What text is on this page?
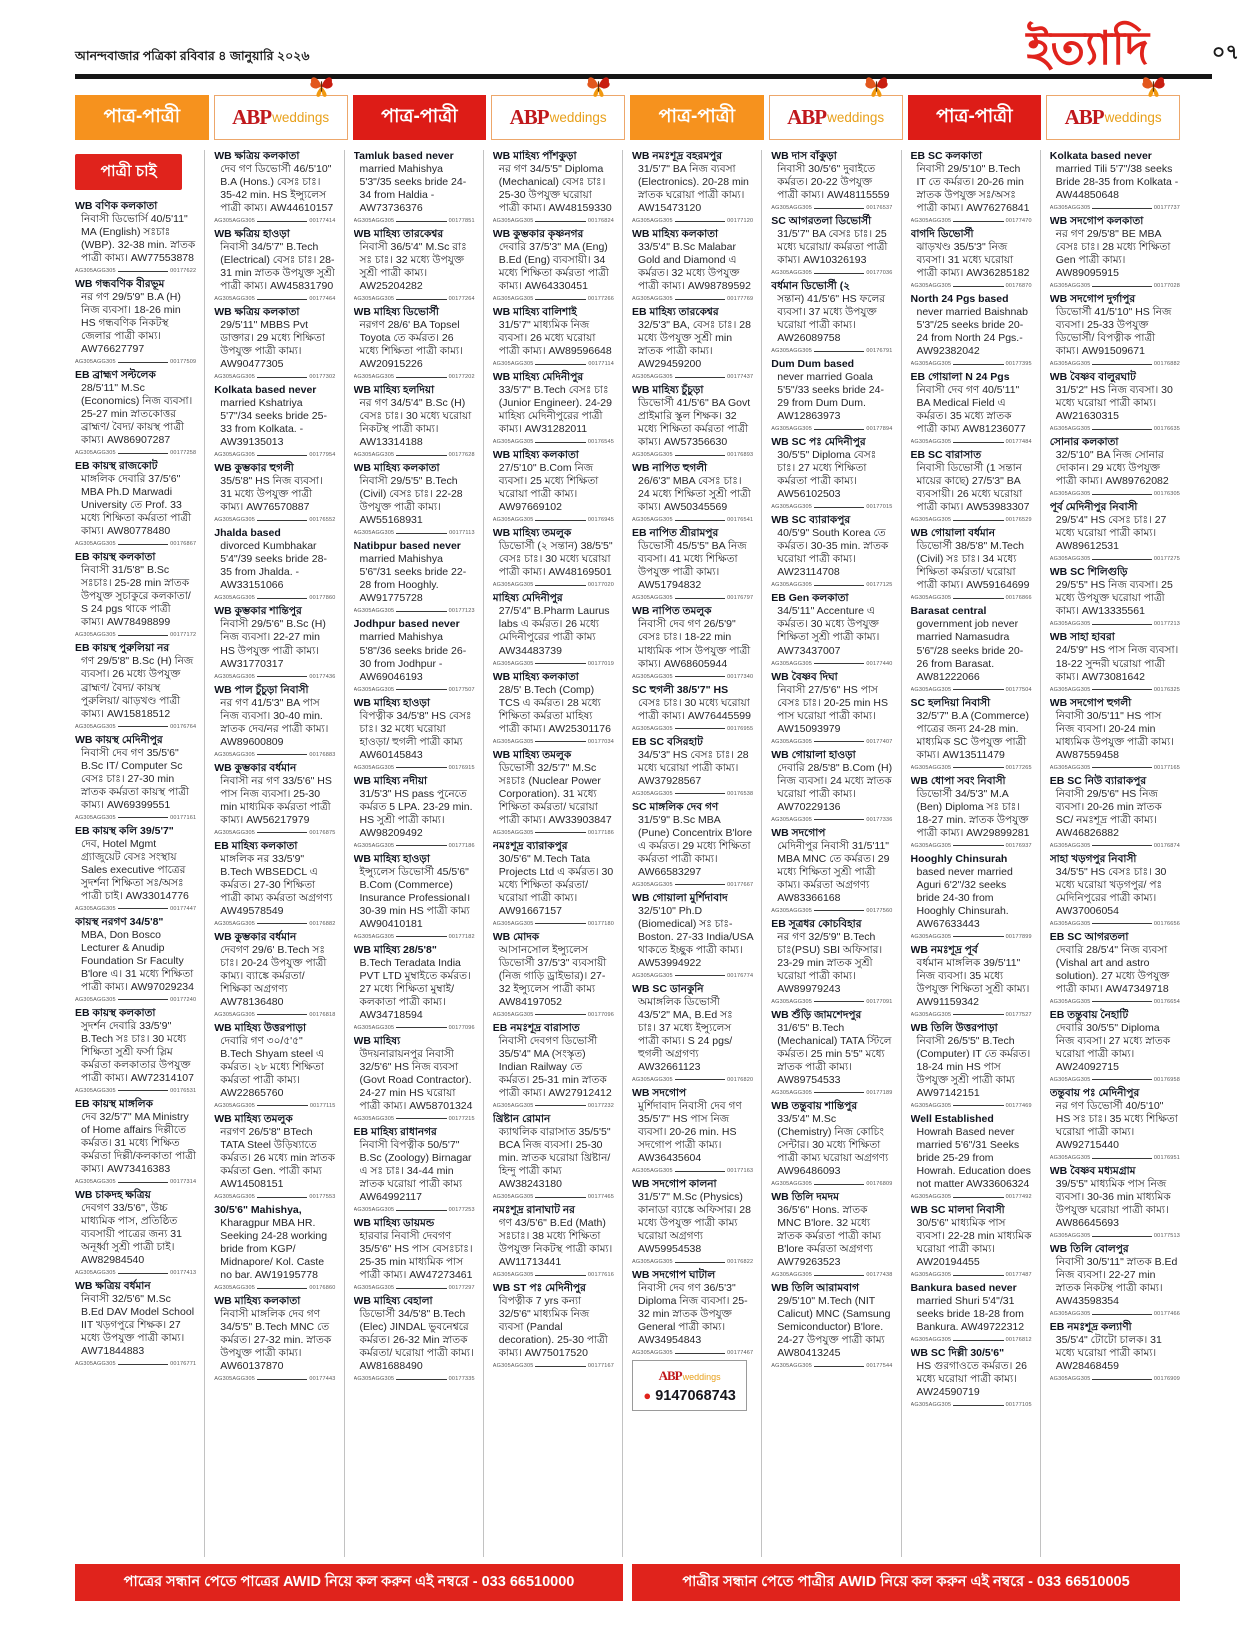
আনন্দবাজার পত্রিকা রবিবার ৪ জানুয়ারি ২০২৬	ইত্যাদি	০৭
পাত্র-পাত্রী	ABP weddings	পাত্র-পাত্রী	ABP weddings	পাত্র-পাত্রী	ABP weddings	পাত্র-পাত্রী	ABP weddings
পাত্রী চাই
WB বণিক কলকাতা
নিবাসী ডিভোর্সি 40/5'11" MA (English) সঃচাঃ (WBP). 32-38 min. স্নাতক পাত্রী কাম্য। AW77553878
AG305AGG305	00177622
WB গন্ধবণিক বীরভূম
নর গণ 29/5'9" B.A (H) নিজ ব্যবসা। 18-26 min HS গন্ধবণিক নিকটস্থ জেলার পাত্রী কাম্য। AW76627797
AG305AGG305	00177509
EB ব্রাহ্মণ সল্টলেক
28/5'11" M.Sc (Economics) নিজ ব্যবসা। 25-27 min স্নাতকোত্তর ব্রাহ্মণ/ বৈদ্য/ কায়স্থ পাত্রী কাম্য। AW86907287
AG305AGG305	00177258
EB কায়স্থ রাজকোট
মাঙ্গলিক দেবারি 37/5'6" MBA Ph.D Marwadi University তে Prof. 33 মধ্যে শিক্ষিতা কর্মরতা পাত্রী কাম্য। AW80778480
AG305AGG305	00176867
EB কায়স্থ কলকাতা
নিবাসী 31/5'8" B.Sc সঃচাঃ। 25-28 min স্নাতক উপযুক্ত সুচাকুরে কলকাতা/ S 24 pgs থাকে পাত্রী কাম্য। AW78498899
AG305AGG305	00177172
EB কায়স্থ পুরুলিয়া নর
গণ 29/5'8" B.Sc (H) নিজ ব্যবসা। 26 মধ্যে উপযুক্ত ব্রাহ্মণ/ বৈদ্য/ কায়স্থ পুরুলিয়া/ ঝাড়খণ্ড পাত্রী কাম্য। AW15818512
AG305AGG305	00176764
WB কায়স্থ মেদিনীপুর
নিবাসী দেব গণ 35/5'6" B.Sc IT/ Computer Sc বেসঃ চাঃ। 27-30 min স্নাতক কর্মরতা কায়স্থ পাত্রী কাম্য। AW69399551
AG305AGG305	00177161
EB কায়স্থ কলি 39/5'7"
দেব, Hotel Mgmt গ্র্যাজুয়েট বেসঃ সংস্থায় Sales executive পাত্রের সুদর্শনা শিক্ষিতা সঃ/অসঃ পাত্রী চাই। AW33014776
AG305AGG305	00177447
কায়স্থ নরগণ 34/5'8"
MBA, Don Bosco Lecturer & Anudip Foundation Sr Faculty B'lore এ। 31 মধ্যে শিক্ষিতা পাত্রী কাম্য। AW97029234
AG305AGG305	00177240
EB কায়স্থ কলকাতা
সুদর্শন দেবারি 33/5'9'' B.Tech সঃ চাঃ। 30 মধ্যে শিক্ষিতা সুশ্রী ফর্সা স্লিম কর্মরতা কলকাতার উপযুক্ত পাত্রী কাম্য। AW72314107
AG305AGG305	00176531
EB কায়স্থ মাঙ্গলিক
দেব 32/5'7" MA Ministry of Home affairs দিল্লীতে কর্মরত। 31 মধ্যে শিক্ষিত কর্মরতা দিল্লী/কলকাতা পাত্রী কাম্য। AW73416383
AG305AGG305	00177314
WB চাকদহ ক্ষত্রিয়
দেবগণ 33/5'6'', উচ্চ মাধ্যমিক পাস, প্রতিষ্ঠিত ব্যবসায়ী পাত্রের জন্য 31 অনূর্ধ্বা সুশ্রী পাত্রী চাই। AW82984540
AG305AGG305	00177413
WB ক্ষত্রিয় বর্ধমান
নিবাসী 32/5'6" M.Sc B.Ed DAV Model School IIT খড়গপুরে শিক্ষক। 27 মধ্যে উপযুক্ত পাত্রী কাম্য। AW71844883
AG305AGG305	00176771
WB ক্ষত্রিয় কলকাতা
দেব গণ ডিভোর্সী 46/5'10" B.A (Hons.) বেসঃ চাঃ। 35-42 min. HS ইন্স্যুলেস পাত্রী কাম্য। AW44610157
AG305AGG305	00177414
WB ক্ষত্রিয় হাওড়া
নিবাসী 34/5'7" B.Tech (Electrical) বেসঃ চাঃ। 28-31 min স্নাতক উপযুক্ত সুশ্রী পাত্রী কাম্য। AW45831790
AG305AGG305	00177464
WB ক্ষত্রিয় কলকাতা
29/5'11" MBBS Pvt ডাক্তার। 29 মধ্যে শিক্ষিতা উপযুক্ত পাত্রী কাম্য। AW90477305
AG305AGG305	00177302
Kolkata based never
married Kshatriya 5'7"/34 seeks bride 25-33 from Kolkata. - AW39135013
AG305AGG305	00177954
WB কুম্ভকার হুগলী
35/5'8" HS নিজ ব্যবসা। 31 মধ্যে উপযুক্ত পাত্রী কাম্য। AW76570887
AG305AGG305	00176552
Jhalda based
divorced Kumbhakar 5'4"/39 seeks bride 28-35 from Jhalda. - AW33151066
AG305AGG305	00177860
WB কুম্ভকার শান্তিপুর
নিবাসী 29/5'6" B.Sc (H) নিজ ব্যবসা। 22-27 min HS উপযুক্ত পাত্রী কাম্য। AW31770317
AG305AGG305	00177436
WB পাল চুঁচুড়া নিবাসী
নর গণ 41/5'3" BA পাস নিজ ব্যবসা। 30-40 min. স্নাতক দেব/নর পাত্রী কাম্য। AW89600809
AG305AGG305	00176883
WB কুম্ভকার বর্ধমান
নিবাসী নর গণ 33/5'6" HS পাস নিজ ব্যবসা। 25-30 min মাধ্যমিক কর্মরতা পাত্রী কাম্য। AW56217979
AG305AGG305	00176875
EB মাহিষ্য কলকাতা
মাঙ্গলিক নর 33/5'9" B.Tech WBSEDCL এ কর্মরত। 27-30 শিক্ষিতা পাত্রী কাম্য কর্মরতা অগ্রগণ্য AW49578549
AG305AGG305	00176882
WB কুম্ভকার বর্ধমান
দেবগণ 29/6' B.Tech সঃ চাঃ। 20-24 উপযুক্ত পাত্রী কাম্য। ব্যাঙ্কে কর্মরতা/ শিক্ষিকা অগ্রগণ্য AW78136480
AG305AGG305	00176818
WB মাহিষ্য উত্তরপাড়া
দেবারি গণ ৩০/৫'৫" B.Tech Shyam steel এ কর্মরত। ২৮ মধ্যে শিক্ষিতা কর্মরতা পাত্রী কাম্য। AW22865760
AG305AGG305	00177115
WB মাহিষ্য তমলুক
নরগণ 26/5'8" BTech TATA Steel উড়িষ্যাতে কর্মরত। 26 মধ্যে min স্নাতক কর্মরতা Gen. পাত্রী কাম্য AW14508151
AG305AGG305	00177553
30/5'6" Mahishya,
Kharagpur MBA HR. Seeking 24-28 working bride from KGP/ Midnapore/ Kol. Caste no bar. AW19195778
AG305AGG305	00176860
WB মাহিষ্য কলকাতা
নিবাসী মাঙ্গলিক দেব গণ 34/5'5" B.Tech MNC তে কর্মরত। 27-32 min. স্নাতক উপযুক্ত পাত্রী কাম্য। AW60137870
AG305AGG305	00177443
Tamluk based never
married Mahishya 5'3"/35 seeks bride 24-34 from Haldia - AW73736376
AG305AGG305	00177851
WB মাহিষ্য তারকেশ্বর
নিবাসী 36/5'4" M.Sc রাঃ সঃ চাঃ। 32 মধ্যে উপযুক্ত সুশ্রী পাত্রী কাম্য। AW25204282
AG305AGG305	00177264
WB মাহিষ্য ডিভোর্সী
নরগণ 28/6' BA Topsel Toyota তে কর্মরত। 26 মধ্যে শিক্ষিতা পাত্রী কাম্য। AW20915226
AG305AGG305	00177202
WB মাহিষ্য হলদিয়া
নর গণ 34/5'4" B.Sc (H) বেসঃ চাঃ। 30 মধ্যে ঘরোয়া নিকটস্থ পাত্রী কাম্য। AW13314188
AG305AGG305	00177628
WB মাহিষ্য কলকাতা
নিবাসী 29/5'5" B.Tech (Civil) বেসঃ চাঃ। 22-28 উপযুক্ত পাত্রী কাম্য। AW55168931
AG305AGG305	00177113
Natibpur based never
married Mahishya 5'6"/31 seeks bride 22-28 from Hooghly. AW91775728
AG305AGG305	00177123
Jodhpur based never
married Mahishya 5'8"/36 seeks bride 26-30 from Jodhpur - AW69046193
AG305AGG305	00177507
WB মাহিষ্য হাওড়া
বিপত্নীক 34/5'8" HS বেসঃ চাঃ। 32 মধ্যে ঘরোয়া হাওড়া/ হুগলী পাত্রী কাম্য AW60145843
AG305AGG305	00176915
WB মাহিষ্য নদীয়া
31/5'3" HS pass পুনেতে কর্মরত 5 LPA. 23-29 min. HS সুশ্রী পাত্রী কাম্য। AW98209492
AG305AGG305	00177186
WB মাহিষ্য হাওড়া
ইন্স্যুলেস ডিভোর্সী 45/5'6" B.Com (Commerce) Insurance Professional। 30-39 min HS পাত্রী কাম্য AW90410181
AG305AGG305	00177182
WB মাহিষ্য 28/5'8"
B.Tech Teradata India PVT LTD মুম্বাইতে কর্মরত। 27 মধ্যে শিক্ষিতা মুম্বাই/ কলকাতা পাত্রী কাম্য। AW34718594
AG305AGG305	00177096
WB মাহিষ্য
উদয়নারায়নপুর নিবাসী 32/5'6" HS নিজ ব্যবসা (Govt Road Contractor). 24-27 min HS ঘরোয়া পাত্রী কাম্য। AW58701324
AG305AGG305	00177215
EB মাহিষ্য রাধানগর
নিবাসী বিপত্নীক 50/5'7" B.Sc (Zoology) Birnagar এ সঃ চাঃ। 34-44 min স্নাতক ঘরোয়া পাত্রী কাম্য AW64992117
AG305AGG305	00177253
WB মাহিষ্য ডায়মন্ড
হারবার নিবাসী দেবগণ 35/5'6" HS পাস বেসঃচাঃ। 25-35 min মাধ্যমিক পাস পাত্রী কাম্য। AW47273461
AG305AGG305	00177297
WB মাহিষ্য বেহালা
ডিভোর্সী 34/5'8" B.Tech (Elec) JINDAL ভুবনেশ্বরে কর্মরত। 26-32 Min স্নাতক কর্মরতা/ ঘরোয়া পাত্রী কাম্য। AW81688490
AG305AGG305	00177335
WB মাহিষ্য পাঁশকুড়া
নর গণ 34/5'5" Diploma (Mechanical) বেসঃ চাঃ। 25-30 উপযুক্ত ঘরোয়া পাত্রী কাম্য। AW48159330
AG305AGG305	00176824
WB কুম্ভকার কৃষ্ণনগর
দেবারি 37/5'3" MA (Eng) B.Ed (Eng) ব্যবসায়ী। 34 মধ্যে শিক্ষিতা কর্মরতা পাত্রী কাম্য। AW64330451
AG305AGG305	00177266
WB মাহিষ্য বালিশাই
31/5'7" মাধ্যমিক নিজ ব্যবসা। 26 মধ্যে ঘরোয়া পাত্রী কাম্য। AW89596648
AG305AGG305	00177114
WB মাহিষ্য মেদিনীপুর
33/5'7" B.Tech বেসঃ চাঃ (Junior Engineer). 24-29 মাহিষ্য মেদিনীপুরের পাত্রী কাম্য। AW31282011
AG305AGG305	00176545
WB মাহিষ্য কলকাতা
27/5'10" B.Com নিজ ব্যবসা। 25 মধ্যে শিক্ষিতা ঘরোয়া পাত্রী কাম্য। AW97669102
AG305AGG305	00176945
WB মাহিষ্য তমলুক
ডিভোর্সী (২ সন্তান) 38/5'5" বেসঃ চাঃ। 30 মধ্যে ঘরোয়া পাত্রী কাম্য। AW48169501
AG305AGG305	00177020
মাহিষ্য মেদিনীপুর
27/5'4" B.Pharm Laurus labs এ কর্মরত। 26 মধ্যে মেদিনীপুরের পাত্রী কাম্য AW34483739
AG305AGG305	00177019
WB মাহিষ্য কলকাতা
28/5' B.Tech (Comp) TCS এ কর্মরত। 28 মধ্যে শিক্ষিতা কর্মরতা মাহিষ্য পাত্রী কাম্য। AW25301176
AG305AGG305	00177034
WB মাহিষ্য তমলুক
ডিভোর্সী 32/5'7" M.Sc সঃচাঃ (Nuclear Power Corporation). 31 মধ্যে শিক্ষিতা কর্মরতা/ ঘরোয়া পাত্রী কাম্য। AW33903847
AG305AGG305	00177186
নমঃশূদ্র ব্যারাকপুর
30/5'6" M.Tech Tata Projects Ltd এ কর্মরত। 30 মধ্যে শিক্ষিতা কর্মরতা/ঘরোয়া পাত্রী কাম্য। AW91667157
AG305AGG305	00177180
WB মোদক
আসানসোল ইন্স্যুলেস ডিভোর্সী 37/5'3" ব্যবসায়ী (নিজ গাড়ি ড্রাইভার)। 27-32 ইন্স্যুলেস পাত্রী কাম্য AW84197052
AG305AGG305	00177096
EB নমঃশূদ্র বারাসাত
নিবাসী দেবগণ ডিভোর্সী 35/5'4" MA (সংস্কৃত) Indian Railway তে কর্মরত। 25-31 min স্নাতক পাত্রী কাম্য। AW27912412
AG305AGG305	00177232
খ্রিষ্টান রোমান
ক্যাথলিক বারাসাত 35/5'5" BCA নিজ ব্যবসা। 25-30 min. স্নাতক ঘরোয়া খ্রিষ্টান/হিন্দু পাত্রী কাম্য AW38243180
AG305AGG305	00177465
নমঃশূদ্র রানাঘাট নর
গণ 43/5'6" B.Ed (Math) সঃচাঃ। 38 মধ্যে শিক্ষিতা উপযুক্ত নিকটস্থ পাত্রী কাম্য। AW11713441
AG305AGG305	00177616
WB ST পঃ মেদিনীপুর
বিপত্নীক 7 yrs কন্যা 32/5'6" মাধ্যমিক নিজ ব্যবসা (Pandal decoration). 25-30 পাত্রী কাম্য। AW75017520
AG305AGG305	00177167
WB নমঃশূদ্র বহরমপুর
31/5'7" BA নিজ ব্যবসা (Electronics). 20-28 min স্নাতক ঘরোয়া পাত্রী কাম্য। AW15473120
AG305AGG305	00177120
WB মাহিষ্য কলকাতা
33/5'4" B.Sc Malabar Gold and Diamond এ কর্মরত। 32 মধ্যে উপযুক্ত পাত্রী কাম্য। AW98789592
AG305AGG305	00177769
EB মাহিষ্য তারকেশ্বর
32/5'3" BA, বেসঃ চাঃ। 28 মধ্যে উপযুক্ত সুশ্রী min স্নাতক পাত্রী কাম্য। AW29459200
AG305AGG305	00177437
WB মাহিষ্য চুঁচুড়া
ডিভোর্সী 41/5'6" BA Govt প্রাইমারি স্কুল শিক্ষক। 32 মধ্যে শিক্ষিতা কর্মরতা পাত্রী কাম্য। AW57356630
AG305AGG305	00176893
WB নাপিত হুগলী
26/6'3" MBA বেসঃ চাঃ। 24 মধ্যে শিক্ষিতা সুশ্রী পাত্রী কাম্য। AW50345569
AG305AGG305	00176541
EB নাপিত শ্রীরামপুর
ডিভোর্সী 45/5'5" BA নিজ ব্যবসা। 41 মধ্যে শিক্ষিতা উপযুক্ত পাত্রী কাম্য। AW51794832
AG305AGG305	00176797
WB নাপিত তমলুক
নিবাসী দেব গণ 26/5'9" বেসঃ চাঃ। 18-22 min মাধ্যমিক পাস উপযুক্ত পাত্রী কাম্য। AW68605944
AG305AGG305	00177340
SC হুগলী 38/5'7" HS
বেসঃ চাঃ। 30 মধ্যে ঘরোয়া পাত্রী কাম্য। AW76445599
AG305AGG305	00176955
EB SC বসিরহাট
34/5'3" HS বেসঃ চাঃ। 28 মধ্যে ঘরোয়া পাত্রী কাম্য। AW37928567
AG305AGG305	00176538
SC মাঙ্গলিক দেব গণ
31/5'9" B.Sc MBA (Pune) Concentrix B'lore এ কর্মরত। 29 মধ্যে শিক্ষিতা কর্মরতা পাত্রী কাম্য। AW66583297
AG305AGG305	00177667
WB গোয়ালা মুর্শিদাবাদ
32/5'10" Ph.D (Biomedical) সঃ চাঃ- Boston. 27-33 India/USA থাকতে ইচ্ছুক পাত্রী কাম্য। AW53994922
AG305AGG305	00176774
WB SC ডানকুনি
অমাঙ্গলিক ডিভোর্সী 43/5'2" MA, B.Ed সঃ চাঃ। 37 মধ্যে ইন্স্যুলেস পাত্রী কাম্য। S 24 pgs/হুগলী অগ্রগণ্য AW32661123
AG305AGG305	00176820
WB সদগোপ
মুর্শিদাবাদ নিবাসী দেব গণ 35/5'7" HS পাস নিজ ব্যবসা। 20-26 min. HS সদগোপ পাত্রী কাম্য। AW36435604
AG305AGG305	00177163
WB সদগোপ কালনা
31/5'7" M.Sc (Physics) কানাডা ব্যাঙ্কে অফিসার। 28 মধ্যে উপযুক্ত পাত্রী কাম্য ঘরোয়া অগ্রগণ্য AW59954538
AG305AGG305	00176822
WB সদগোপ ঘাটাল
নিবাসী দেব গণ 36/5'3" Diploma নিজ ব্যবসা। 25-32 min স্নাতক উপযুক্ত General পাত্রী কাম্য। AW34954843
AG305AGG305	00177467
ABPweddings
● 9147068743
WB দাস বাঁকুড়া
নিবাসী 30/5'6" দুবাইতে কর্মরত। 20-22 উপযুক্ত পাত্রী কাম্য। AW48115559
AG305AGG305	00176537
SC আগরতলা ডিভোর্সী
31/5'7" BA বেসঃ চাঃ। 25 মধ্যে ঘরোয়া/ কর্মরতা পাত্রী কাম্য। AW10326193
AG305AGG305	00177036
বর্ধমান ডিভোর্সী (২
সন্তান) 41/5'6" HS ফলের ব্যবসা। 37 মধ্যে উপযুক্ত ঘরোয়া পাত্রী কাম্য। AW26089758
AG305AGG305	00176791
Dum Dum based
never married Goala 5'5"/33 seeks bride 24-29 from Dum Dum. AW12863973
AG305AGG305	00177894
WB SC পঃ মেদিনীপুর
30/5'5" Diploma বেসঃ চাঃ। 27 মধ্যে শিক্ষিতা কর্মরতা পাত্রী কাম্য। AW56102503
AG305AGG305	00177015
WB SC ব্যারাকপুর
40/5'9" South Korea তে কর্মরত। 30-35 min. স্নাতক ঘরোয়া পাত্রী কাম্য। AW23114708
AG305AGG305	00177125
EB Gen কলকাতা
34/5'11" Accenture এ কর্মরত। 30 মধ্যে উপযুক্ত শিক্ষিতা সুশ্রী পাত্রী কাম্য। AW73437007
AG305AGG305	00177440
WB বৈষ্ণব দিঘা
নিবাসী 27/5'6" HS পাস বেসঃ চাঃ। 20-25 min HS পাস ঘরোয়া পাত্রী কাম্য। AW15093979
AG305AGG305	00177407
WB গোয়ালা হাওড়া
দেবারি 28/5'8" B.Com (H) নিজ ব্যবসা। 24 মধ্যে স্নাতক ঘরোয়া পাত্রী কাম্য। AW70229136
AG305AGG305	00177336
WB সদগোপ
মেদিনীপুর নিবাসী 31/5'11" MBA MNC তে কর্মরত। 29 মধ্যে শিক্ষিতা সুশ্রী পাত্রী কাম্য। কর্মরতা অগ্রগণ্য AW83366168
AG305AGG305	00177560
EB সূত্রধর কোচবিহার
নর গণ 32/5'9" B.Tech চাঃ(PSU) SBI অফিসার। 23-29 min স্নাতক সুশ্রী ঘরোয়া পাত্রী কাম্য। AW89979243
AG305AGG305	00177091
WB শুঁড়ি জামশেদপুর
31/6'5" B.Tech (Mechanical) TATA স্টিলে কর্মরত। 25 min 5'5" মধ্যে স্নাতক পাত্রী কাম্য। AW89754533
AG305AGG305	00177189
WB তন্তুবায় শান্তিপুর
33/5'4" M.Sc (Chemistry) নিজ কোচিং সেন্টার। 30 মধ্যে শিক্ষিতা পাত্রী কাম্য ঘরোয়া অগ্রগণ্য AW96486093
AG305AGG305	00176809
WB তিলি দমদম
36/5'6" Hons. স্নাতক MNC B'lore. 32 মধ্যে স্নাতক কর্মরতা পাত্রী কাম্য B'lore কর্মরতা অগ্রগণ্য AW79263523
AG305AGG305	00177438
WB তিলি আরামবাগ
29/5'10" M.Tech (NIT Calicut) MNC (Samsung Semiconductor) B'lore. 24-27 উপযুক্ত পাত্রী কাম্য AW80413245
AG305AGG305	00177544
EB SC কলকাতা
নিবাসী 29/5'10" B.Tech IT তে কর্মরত। 20-26 min স্নাতক উপযুক্ত সঃ/অসঃ পাত্রী কাম্য। AW76276841
AG305AGG305	00177470
বাগদি ডিভোর্সী
ঝাড়খণ্ড 35/5'3" নিজ ব্যবসা। 31 মধ্যে ঘরোয়া পাত্রী কাম্য। AW36285182
AG305AGG305	00176870
North 24 Pgs based
never married Baishnab 5'3"/25 seeks bride 20-24 from North 24 Pgs.- AW92382042
AG305AGG305	00177395
EB গোয়ালা N 24 Pgs
নিবাসী দেব গণ 40/5'11" BA Medical Field এ কর্মরত। 35 মধ্যে স্নাতক পাত্রী কাম্য AW81236077
AG305AGG305	00177484
EB SC বারাসাত
নিবাসী ডিভোর্সী (1 সন্তান মায়ের কাছে) 27/5'3" BA ব্যবসায়ী। 26 মধ্যে ঘরোয়া পাত্রী কাম্য। AW53983307
AG305AGG305	00176529
WB গোয়ালা বর্ধমান
ডিভোর্সী 38/5'8" M.Tech (Civil) সঃ চাঃ। 34 মধ্যে শিক্ষিতা কর্মরতা/ ঘরোয়া পাত্রী কাম্য। AW59164699
AG305AGG305	00176866
Barasat central
government job never married Namasudra 5'6"/28 seeks bride 20-26 from Barasat. AW81222066
AG305AGG305	00177504
SC হলদিয়া নিবাসী
32/5'7" B.A (Commerce) পাত্রের জন্য 24-28 min. মাধ্যমিক SC উপযুক্ত পাত্রী কাম্য। AW13511479
AG305AGG305	00177265
WB ধোপা সবং নিবাসী
ডিভোর্সী 34/5'3" M.A (Ben) Diploma সঃ চাঃ। 18-27 min. স্নাতক উপযুক্ত পাত্রী কাম্য। AW29899281
AG305AGG305	00176937
Hooghly Chinsurah
based never married Aguri 6'2"/32 seeks bride 24-30 from Hooghly Chinsurah. AW67633443
AG305AGG305	00177899
WB নমঃশূদ্র পূর্ব
বর্ধমান মাঙ্গলিক 39/5'11" নিজ ব্যবসা। 35 মধ্যে উপযুক্ত শিক্ষিতা সুশ্রী কাম্য। AW91159342
AG305AGG305	00177527
WB তিলি উত্তরপাড়া
নিবাসী 26/5'5" B.Tech (Computer) IT তে কর্মরত। 18-24 min HS পাস উপযুক্ত সুশ্রী পাত্রী কাম্য AW97142151
AG305AGG305	00177469
Well Established
Howrah Based never married 5'6"/31 Seeks bride 25-29 from Howrah. Education does not matter AW33606324
AG305AGG305	00177492
WB SC মালদা নিবাসী
30/5'6" মাধ্যমিক পাস ব্যবসা। 22-28 min মাধ্যমিক ঘরোয়া পাত্রী কাম্য। AW20194455
AG305AGG305	00177487
Bankura based never
married Shuri 5'4"/31 seeks bride 18-28 from Bankura. AW49722312
AG305AGG305	00176812
WB SC দিল্লী 30/5'6"
HS গুরগাওতে কর্মরত। 26 মধ্যে ঘরোয়া পাত্রী কাম্য। AW24590719
AG305AGG305	00177105
Kolkata based never
married Tili 5'7"/38 seeks Bride 28-35 from Kolkata - AW44850648
AG305AGG305	00177737
WB সদগোপ কলকাতা
নর গণ 29/5'8" BE MBA বেসঃ চাঃ। 28 মধ্যে শিক্ষিতা Gen পাত্রী কাম্য। AW89095915
AG305AGG305	00177028
WB সদগোপ দুর্গাপুর
ডিভোর্সী 41/5'10" HS নিজ ব্যবসা। 25-33 উপযুক্ত ডিভোর্সী/ বিপত্নীক পাত্রী কাম্য। AW91509671
AG305AGG305	00176882
WB বৈষ্ণব বালুরঘাট
31/5'2" HS নিজ ব্যবসা। 30 মধ্যে ঘরোয়া পাত্রী কাম্য। AW21630315
AG305AGG305	00176635
সোনার কলকাতা
32/5'10" BA নিজ সোনার দোকান। 29 মধ্যে উপযুক্ত পাত্রী কাম্য। AW89762082
AG305AGG305	00176305
পূর্ব মেদিনীপুর নিবাসী
29/5'4" HS বেসঃ চাঃ। 27 মধ্যে ঘরোয়া পাত্রী কাম্য। AW89612531
AG305AGG305	00177275
WB SC শিলিগুড়ি
29/5'5" HS নিজ ব্যবসা। 25 মধ্যে উপযুক্ত ঘরোয়া পাত্রী কাম্য। AW13335561
AG305AGG305	00177213
WB সাহা হাবরা
24/5'9" HS পাস নিজ ব্যবসা। 18-22 সুন্দরী ঘরোয়া পাত্রী কাম্য। AW73081642
AG305AGG305	00176325
WB সদগোপ হুগলী
নিবাসী 30/5'11" HS পাস নিজ ব্যবসা। 20-24 min মাধ্যমিক উপযুক্ত পাত্রী কাম্য। AW87559458
AG305AGG305	00177165
EB SC নিউ ব্যারাকপুর
নিবাসী 29/5'6" HS নিজ ব্যবসা। 20-26 min স্নাতক SC/ নমঃশূদ্র পাত্রী কাম্য। AW46826882
AG305AGG305	00176874
সাহা খড়গপুর নিবাসী
34/5'5" HS বেসঃ চাঃ। 30 মধ্যে ঘরোয়া খড়গপুর/ পঃ মেদিনিপুরের পাত্রী কাম্য। AW37006054
AG305AGG305	00176656
EB SC আগরতলা
দেবারি 28/5'4" নিজ ব্যবসা (Vishal art and astro solution). 27 মধ্যে উপযুক্ত পাত্রী কাম্য। AW47349718
AG305AGG305	00176654
EB তন্তুবায় নৈহাটি
দেবারি 30/5'5" Diploma নিজ ব্যবসা। 27 মধ্যে স্নাতক ঘরোয়া পাত্রী কাম্য। AW24092715
AG305AGG305	00176958
তন্তুবায় পঃ মেদিনীপুর
নর গণ ডিভোর্সী 40/5'10" HS সঃ চাঃ। 35 মধ্যে শিক্ষিতা ঘরোয়া পাত্রী কাম্য। AW92715440
AG305AGG305	00176951
WB বৈষ্ণব মধ্যমগ্রাম
39/5'5" মাধ্যমিক পাস নিজ ব্যবসা। 30-36 min মাধ্যমিক উপযুক্ত ঘরোয়া পাত্রী কাম্য। AW86645693
AG305AGG305	00177513
WB তিলি বোলপুর
নিবাসী 30/5'11" স্নাতক B.Ed নিজ ব্যবসা। 22-27 min স্নাতক নিকটস্থ পাত্রী কাম্য। AW43598354
AG305AGG305	00177466
EB নমঃশূদ্র কল্যাণী
35/5'4" টোটো চালক। 31 মধ্যে ঘরোয়া পাত্রী কাম্য। AW28468459
AG305AGG305	00176909
পাত্রের সন্ধান পেতে পাত্রের AWID নিয়ে কল করুন এই নম্বরে - 033 66510000	পাত্রীর সন্ধান পেতে পাত্রীর AWID নিয়ে কল করুন এই নম্বরে - 033 66510005
